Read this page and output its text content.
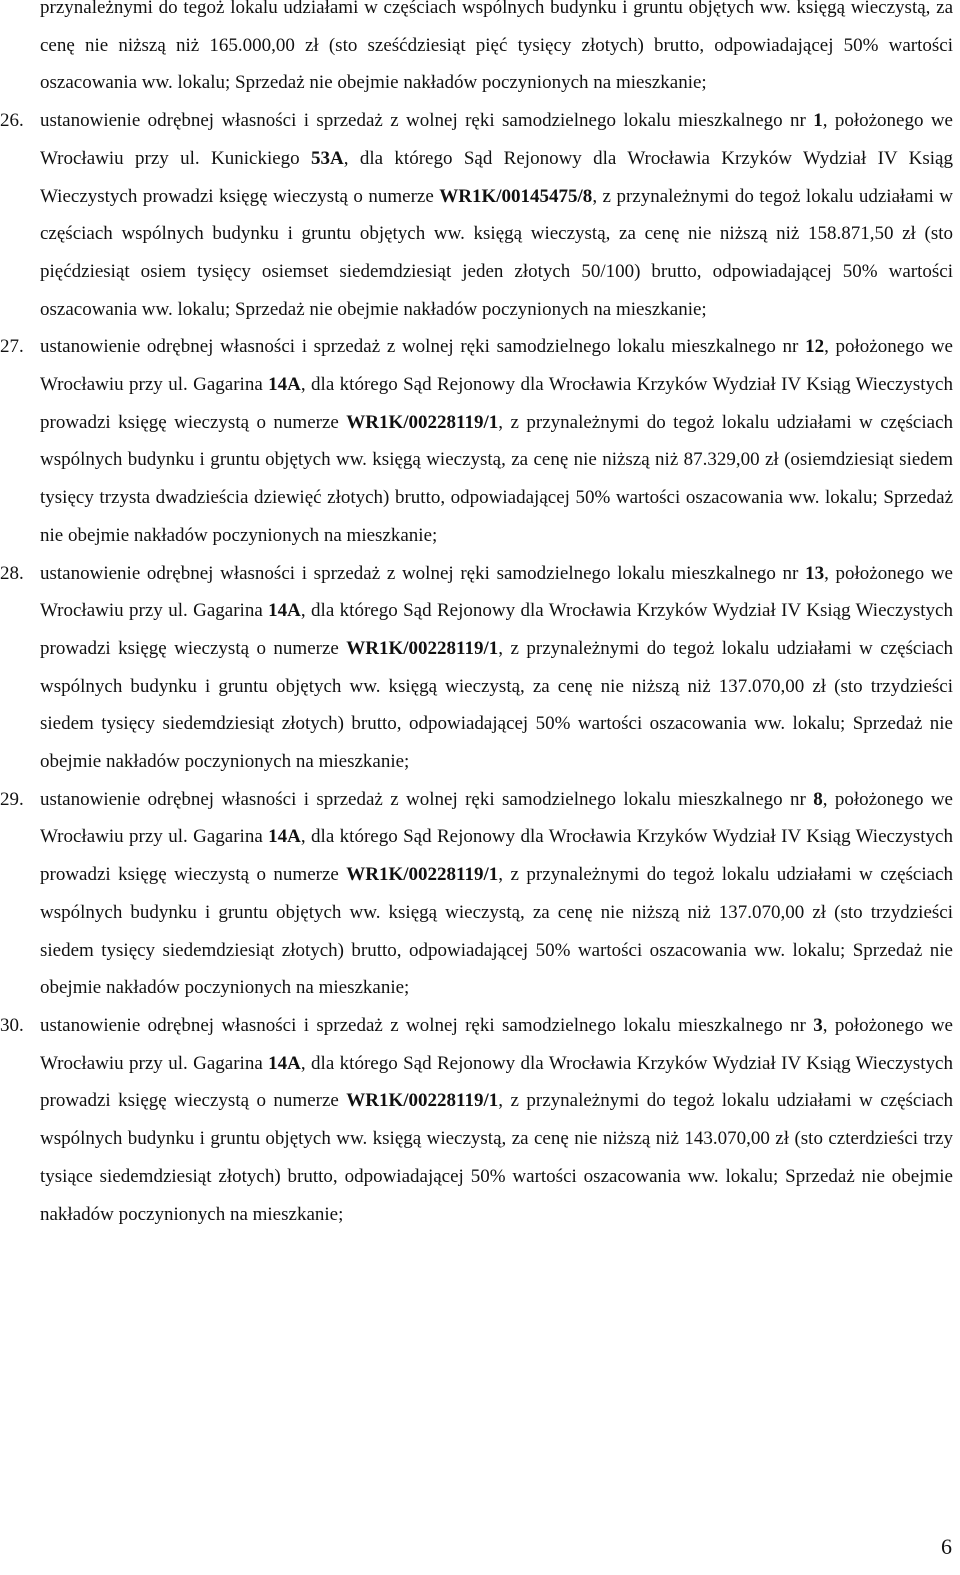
przynależnymi do tegoż lokalu udziałami w częściach wspólnych budynku i gruntu objętych ww. księgą wieczystą, za cenę nie niższą niż 165.000,00 zł (sto sześćdziesiąt pięć tysięcy złotych) brutto, odpowiadającej 50% wartości oszacowania ww. lokalu; Sprzedaż nie obejmie nakładów poczynionych na mieszkanie;
26. ustanowienie odrębnej własności i sprzedaż z wolnej ręki samodzielnego lokalu mieszkalnego nr 1, położonego we Wrocławiu przy ul. Kunickiego 53A, dla którego Sąd Rejonowy dla Wrocławia Krzyków Wydział IV Ksiąg Wieczystych prowadzi księgę wieczystą o numerze WR1K/00145475/8, z przynależnymi do tegoż lokalu udziałami w częściach wspólnych budynku i gruntu objętych ww. księgą wieczystą, za cenę nie niższą niż 158.871,50 zł (sto pięćdziesiąt osiem tysięcy osiemset siedemdziesiąt jeden złotych 50/100) brutto, odpowiadającej 50% wartości oszacowania ww. lokalu; Sprzedaż nie obejmie nakładów poczynionych na mieszkanie;
27. ustanowienie odrębnej własności i sprzedaż z wolnej ręki samodzielnego lokalu mieszkalnego nr 12, położonego we Wrocławiu przy ul. Gagarina 14A, dla którego Sąd Rejonowy dla Wrocławia Krzyków Wydział IV Ksiąg Wieczystych prowadzi księgę wieczystą o numerze WR1K/00228119/1, z przynależnymi do tegoż lokalu udziałami w częściach wspólnych budynku i gruntu objętych ww. księgą wieczystą, za cenę nie niższą niż 87.329,00 zł (osiemdziesiąt siedem tysięcy trzysta dwadzieścia dziewięć złotych) brutto, odpowiadającej 50% wartości oszacowania ww. lokalu; Sprzedaż nie obejmie nakładów poczynionych na mieszkanie;
28. ustanowienie odrębnej własności i sprzedaż z wolnej ręki samodzielnego lokalu mieszkalnego nr 13, położonego we Wrocławiu przy ul. Gagarina 14A, dla którego Sąd Rejonowy dla Wrocławia Krzyków Wydział IV Ksiąg Wieczystych prowadzi księgę wieczystą o numerze WR1K/00228119/1, z przynależnymi do tegoż lokalu udziałami w częściach wspólnych budynku i gruntu objętych ww. księgą wieczystą, za cenę nie niższą niż 137.070,00 zł (sto trzydzieści siedem tysięcy siedemdziesiąt złotych) brutto, odpowiadającej 50% wartości oszacowania ww. lokalu; Sprzedaż nie obejmie nakładów poczynionych na mieszkanie;
29. ustanowienie odrębnej własności i sprzedaż z wolnej ręki samodzielnego lokalu mieszkalnego nr 8, położonego we Wrocławiu przy ul. Gagarina 14A, dla którego Sąd Rejonowy dla Wrocławia Krzyków Wydział IV Ksiąg Wieczystych prowadzi księgę wieczystą o numerze WR1K/00228119/1, z przynależnymi do tegoż lokalu udziałami w częściach wspólnych budynku i gruntu objętych ww. księgą wieczystą, za cenę nie niższą niż 137.070,00 zł (sto trzydzieści siedem tysięcy siedemdziesiąt złotych) brutto, odpowiadającej 50% wartości oszacowania ww. lokalu; Sprzedaż nie obejmie nakładów poczynionych na mieszkanie;
30. ustanowienie odrębnej własności i sprzedaż z wolnej ręki samodzielnego lokalu mieszkalnego nr 3, położonego we Wrocławiu przy ul. Gagarina 14A, dla którego Sąd Rejonowy dla Wrocławia Krzyków Wydział IV Ksiąg Wieczystych prowadzi księgę wieczystą o numerze WR1K/00228119/1, z przynależnymi do tegoż lokalu udziałami w częściach wspólnych budynku i gruntu objętych ww. księgą wieczystą, za cenę nie niższą niż 143.070,00 zł (sto czterdzieści trzy tysiące siedemdziesiąt złotych) brutto, odpowiadającej 50% wartości oszacowania ww. lokalu; Sprzedaż nie obejmie nakładów poczynionych na mieszkanie;
6
